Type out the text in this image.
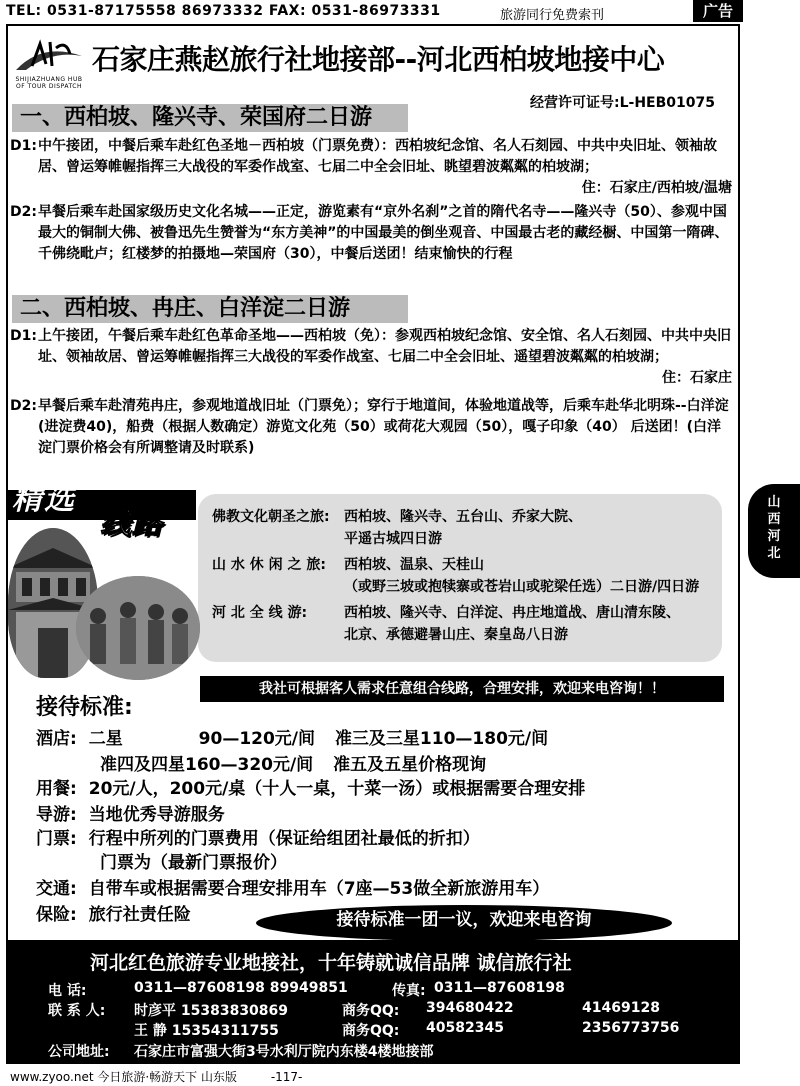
TEL: 0531-87175558 86973332 FAX: 0531-86973331	旅游同行免费索刊	广告
SHIJIAZHUANG HUB OF TOUR DISPATCH
石家庄燕赵旅行社地接部--河北西柏坡地接中心
经营许可证号:L-HEB01075
一、西柏坡、隆兴寺、荣国府二日游
D1: 中午接团，中餐后乘车赴红色圣地－西柏坡（门票免费）：西柏坡纪念馆、名人石刻园、中共中央旧址、领袖故居、曾运筹帷幄指挥三大战役的军委作战室、七届二中全会旧址、眺望碧波粼粼的柏坡湖；
住：石家庄/西柏坡/温塘
D2: 早餐后乘车赴国家级历史文化名城——正定，游览素有“京外名刹”之首的隋代名寺——隆兴寺（50）、参观中国最大的铜制大佛、被鲁迅先生赞誉为“东方美神”的中国最美的倒坐观音、中国最古老的藏经橱、中国第一隋碑、千佛绕毗卢；红楼梦的拍摄地—荣国府（30），中餐后送团！结束愉快的行程
二、西柏坡、冉庄、白洋淀二日游
D1: 上午接团，午餐后乘车赴红色革命圣地——西柏坡（免）：参观西柏坡纪念馆、安全馆、名人石刻园、中共中央旧址、领袖故居、曾运筹帷幄指挥三大战役的军委作战室、七届二中全会旧址、遥望碧波粼粼的柏坡湖；
住：石家庄
D2: 早餐后乘车赴清苑冉庄，参观地道战旧址（门票免）；穿行于地道间，体验地道战等，后乘车赴华北明珠--白洋淀(进淀费40)，船费（根据人数确定）游览文化苑（50）或荷花大观园（50），嘎子印象（40） 后送团！(白洋淀门票价格会有所调整请及时联系)
精选
线路	佛教文化朝圣之旅: 西柏坡、隆兴寺、五台山、乔家大院、
平遥古城四日游
山 水 休 闲 之 旅: 西柏坡、温泉、天桂山
（或野三坡或抱犊寨或苍岩山或驼梁任选）二日游/四日游
河 北 全 线 游:	西柏坡、隆兴寺、白洋淀、冉庄地道战、唐山清东陵、
北京、承德避暑山庄、秦皇岛八日游
我社可根据客人需求任意组合线路，合理安排，欢迎来电咨询！！
接待标准:
酒店: 二星	90—120元/间 准三及三星110—180元/间
准四及四星160—320元/间 准五及五星价格现询
用餐: 20元/人，200元/桌（十人一桌，十菜一汤）或根据需要合理安排
导游: 当地优秀导游服务
门票: 行程中所列的门票费用（保证给组团社最低的折扣）
门票为（最新门票报价）
交通: 自带车或根据需要合理安排用车（7座—53做全新旅游用车）
保险: 旅行社责任险	接待标准一团一议，欢迎来电咨询
河北红色旅游专业地接社，十年铸就诚信品牌 诚信旅行社
电 话:	0311—87608198 89949851	传真: 0311—87608198
联 系 人: 时彦平 15383830869
王 静 15354311755
商务QQ: 394680422	41469128
商务QQ: 40582345	2356773756
公司地址: 石家庄市富强大街3号水利厅院内东楼4楼地接部
www.zyoo.net 今日旅游·畅游天下 山东版	-117-
山西河北
